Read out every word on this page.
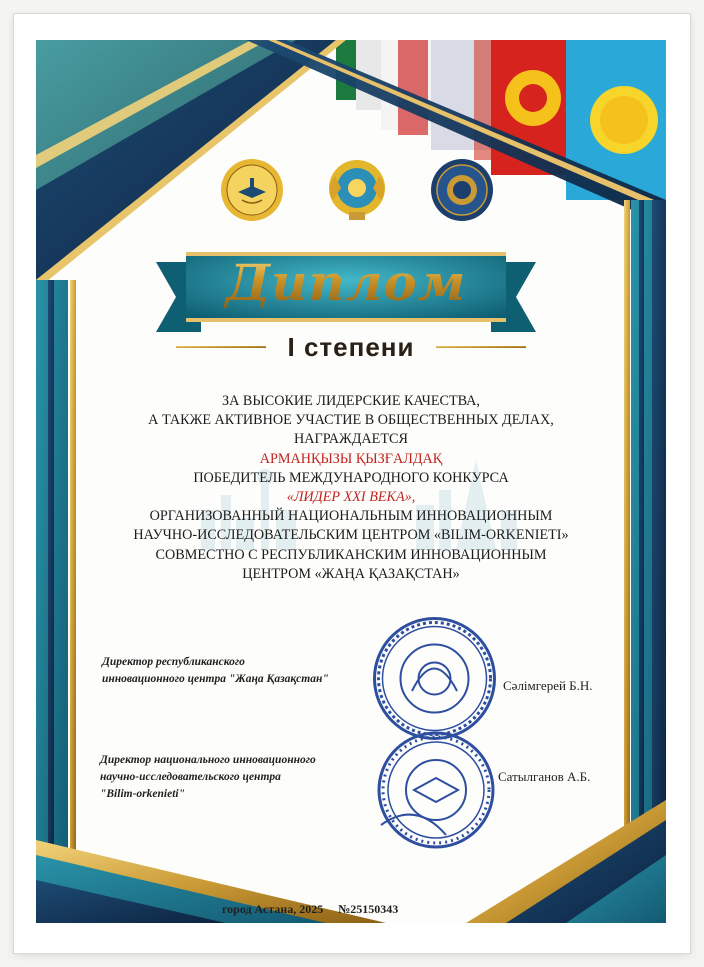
Диплом
I степени
ЗА ВЫСОКИЕ ЛИДЕРСКИЕ КАЧЕСТВА,
А ТАКЖЕ АКТИВНОЕ УЧАСТИЕ В ОБЩЕСТВЕННЫХ ДЕЛАХ,
НАГРАЖДАЕТСЯ
АРМАНҚЫЗЫ ҚЫЗҒАЛДАҚ
ПОБЕДИТЕЛЬ МЕЖДУНАРОДНОГО КОНКУРСА
«ЛИДЕР XXI ВЕКА»,
ОРГАНИЗОВАННЫЙ НАЦИОНАЛЬНЫМ ИННОВАЦИОННЫМ
НАУЧНО-ИССЛЕДОВАТЕЛЬСКИМ ЦЕНТРОМ «BILIM-ORKENIETI»
СОВМЕСТНО С РЕСПУБЛИКАНСКИМ ИННОВАЦИОННЫМ
ЦЕНТРОМ «ЖАҢА ҚАЗАҚСТАН»
Директор республиканского
инновационного центра "Жаңа Қазақстан"	Сәлімгерей Б.Н.
Директор национального инновационного
научно-исследовательского центра
"Bilim-orkenieti"
Сатылганов А.Б.
город Астана, 2025 №25150343
